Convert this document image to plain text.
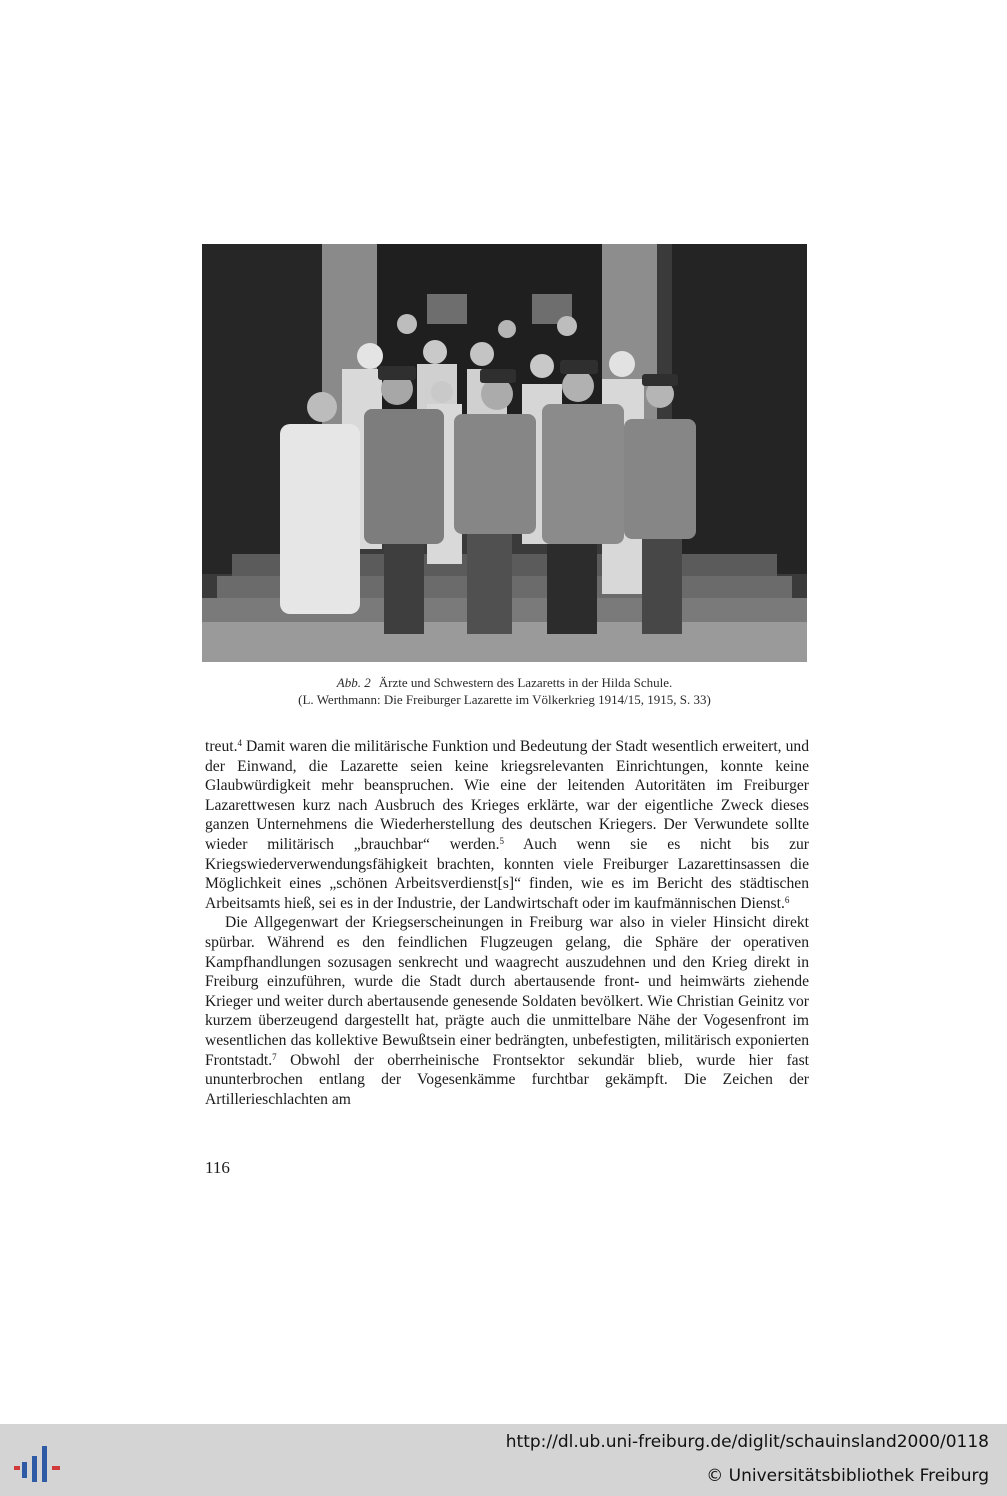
Abb. 2 Ärzte und Schwestern des Lazaretts in der Hilda Schule.
(L. Werthmann: Die Freiburger Lazarette im Völkerkrieg 1914/15, 1915, S. 33)

treut.$^4$ Damit waren die militärische Funktion und Bedeutung der Stadt wesentlich erweitert, und der Einwand, die Lazarette seien keine kriegsrelevanten Einrichtungen, konnte keine Glaubwürdigkeit mehr beanspruchen. Wie eine der leitenden Autoritäten im Freiburger Lazarettwesen kurz nach Ausbruch des Krieges erklärte, war der eigentliche Zweck dieses ganzen Unternehmens die Wiederherstellung des deutschen Kriegers. Der Verwundete sollte wieder militärisch „brauchbar“ werden.$^5$ Auch wenn sie es nicht bis zur Kriegswiederverwendungsfähigkeit brachten, konnten viele Freiburger Lazarettinsassen die Möglichkeit eines „schönen Arbeitsverdienst[s]“ finden, wie es im Bericht des städtischen Arbeitsamts hieß, sei es in der Industrie, der Landwirtschaft oder im kaufmännischen Dienst.$^6$

Die Allgegenwart der Kriegserscheinungen in Freiburg war also in vieler Hinsicht direkt spürbar. Während es den feindlichen Flugzeugen gelang, die Sphäre der operativen Kampfhandlungen sozusagen senkrecht und waagrecht auszudehnen und den Krieg direkt in Freiburg einzuführen, wurde die Stadt durch abertausende front- und heimwärts ziehende Krieger und weiter durch abertausende genesende Soldaten bevölkert. Wie Christian Geinitz vor kurzem überzeugend dargestellt hat, prägte auch die unmittelbare Nähe der Vogesenfront im wesentlichen das kollektive Bewußtsein einer bedrängten, unbefestigten, militärisch exponierten Frontstadt.$^7$ Obwohl der oberrheinische Frontsektor sekundär blieb, wurde hier fast ununterbrochen entlang der Vogesenkämme furchtbar gekämpft. Die Zeichen der Artillerieschlachten am

116
http://dl.ub.uni-freiburg.de/diglit/schauinsland2000/0118
© Universitätsbibliothek Freiburg
